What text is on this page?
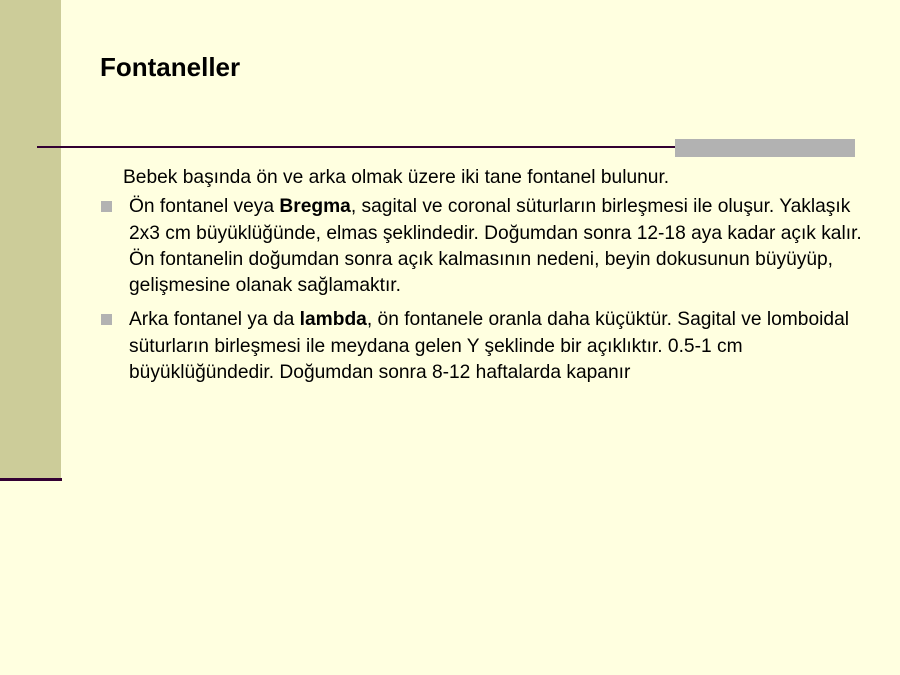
Fontaneller

Bebek başında ön ve arka olmak üzere iki tane fontanel bulunur.

Ön fontanel veya Bregma, sagital ve coronal süturların birleşmesi ile oluşur. Yaklaşık 2x3 cm büyüklüğünde, elmas şeklindedir. Doğumdan sonra 12-18 aya kadar açık kalır. Ön fontanelin doğumdan sonra açık kalmasının nedeni, beyin dokusunun büyüyüp, gelişmesine olanak sağlamaktır.
Arka fontanel ya da lambda, ön fontanele oranla daha küçüktür. Sagital ve lomboidal süturların birleşmesi ile meydana gelen Y şeklinde bir açıklıktır. 0.5-1 cm büyüklüğündedir. Doğumdan sonra 8-12 haftalarda kapanır
